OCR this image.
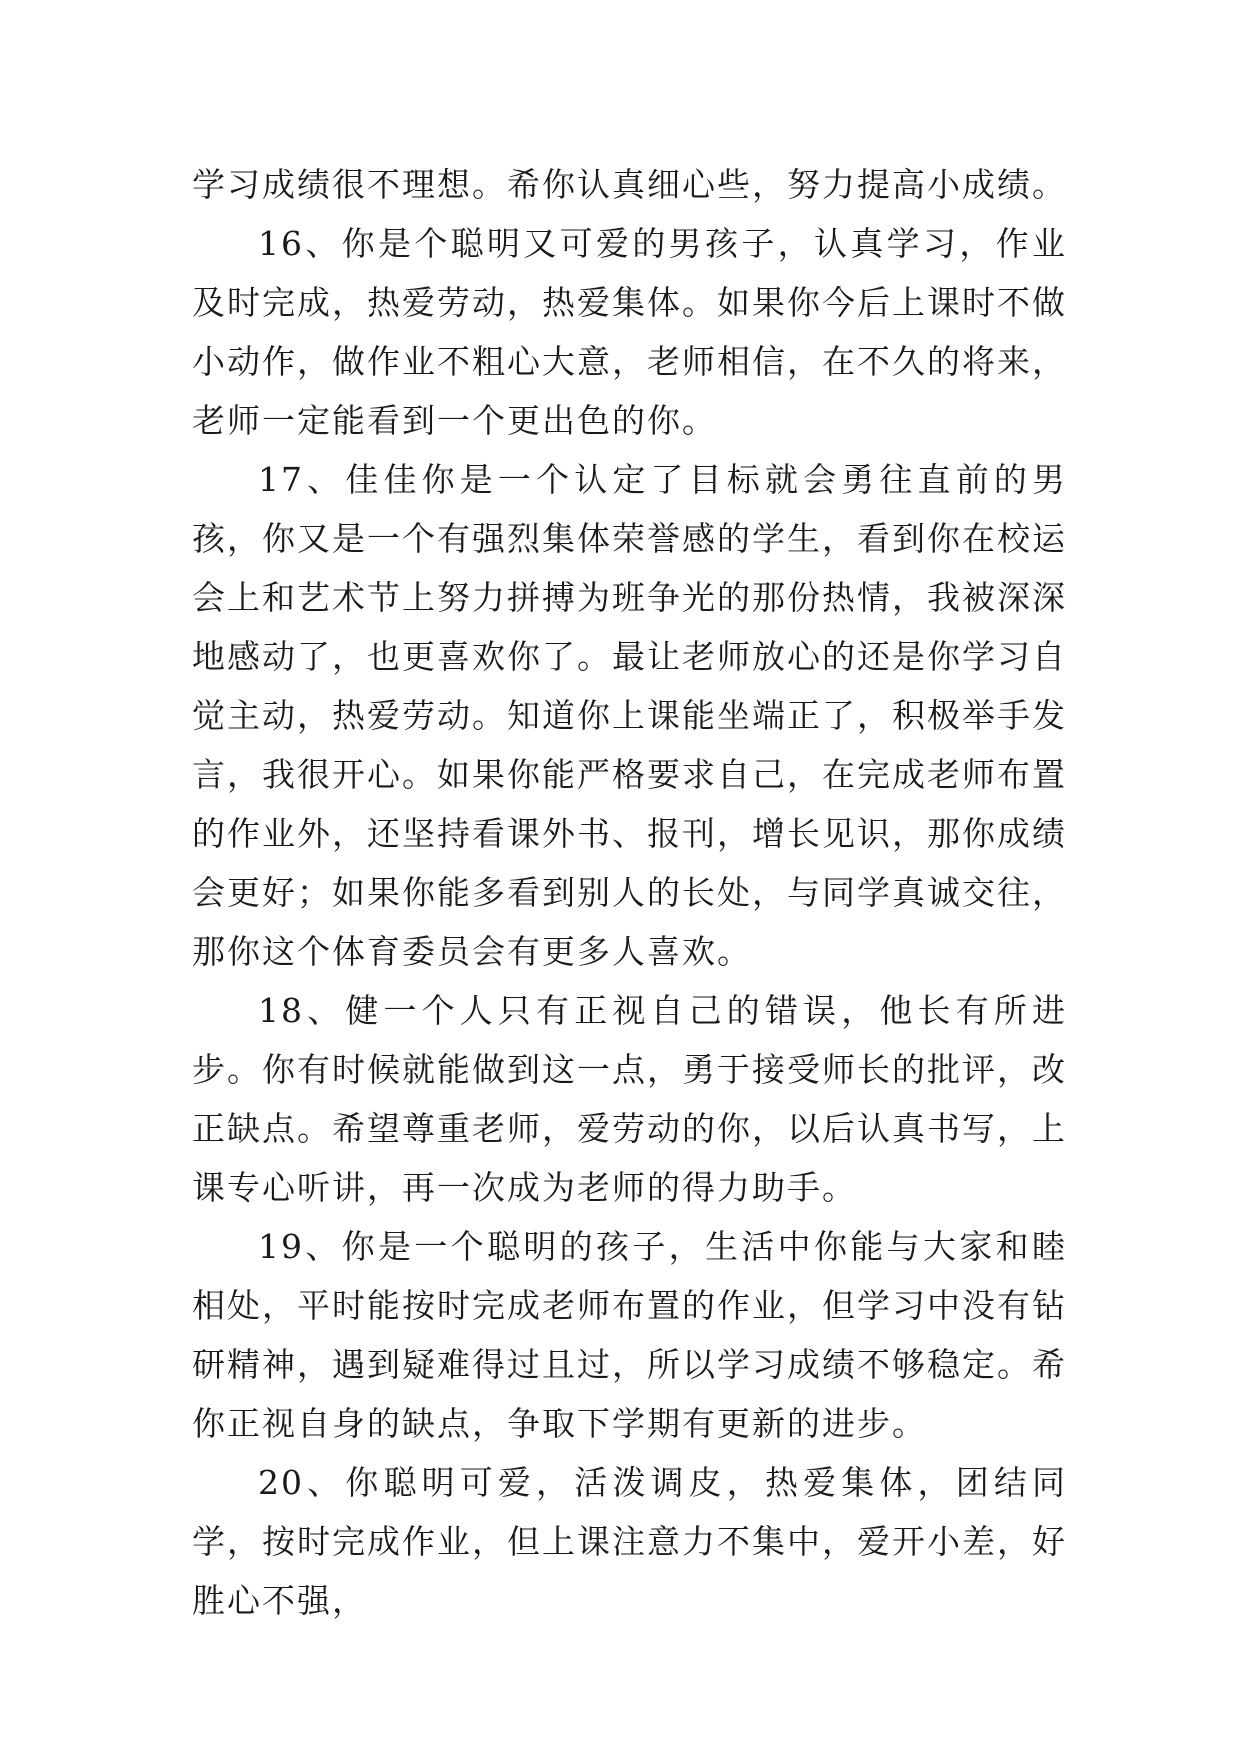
学习成绩很不理想。希你认真细心些，努力提高小成绩。

16、你是个聪明又可爱的男孩子，认真学习，作业及时完成，热爱劳动，热爱集体。如果你今后上课时不做小动作，做作业不粗心大意，老师相信，在不久的将来，老师一定能看到一个更出色的你。

17、佳佳你是一个认定了目标就会勇往直前的男孩，你又是一个有强烈集体荣誉感的学生，看到你在校运会上和艺术节上努力拼搏为班争光的那份热情，我被深深地感动了，也更喜欢你了。最让老师放心的还是你学习自觉主动，热爱劳动。知道你上课能坐端正了，积极举手发言，我很开心。如果你能严格要求自己，在完成老师布置的作业外，还坚持看课外书、报刊，增长见识，那你成绩会更好；如果你能多看到别人的长处，与同学真诚交往，那你这个体育委员会有更多人喜欢。

18、健一个人只有正视自己的错误，他长有所进步。你有时候就能做到这一点，勇于接受师长的批评，改正缺点。希望尊重老师，爱劳动的你，以后认真书写，上课专心听讲，再一次成为老师的得力助手。

19、你是一个聪明的孩子，生活中你能与大家和睦相处，平时能按时完成老师布置的作业，但学习中没有钻研精神，遇到疑难得过且过，所以学习成绩不够稳定。希你正视自身的缺点，争取下学期有更新的进步。

20、你聪明可爱，活泼调皮，热爱集体，团结同学，按时完成作业，但上课注意力不集中，爱开小差，好胜心不强，
